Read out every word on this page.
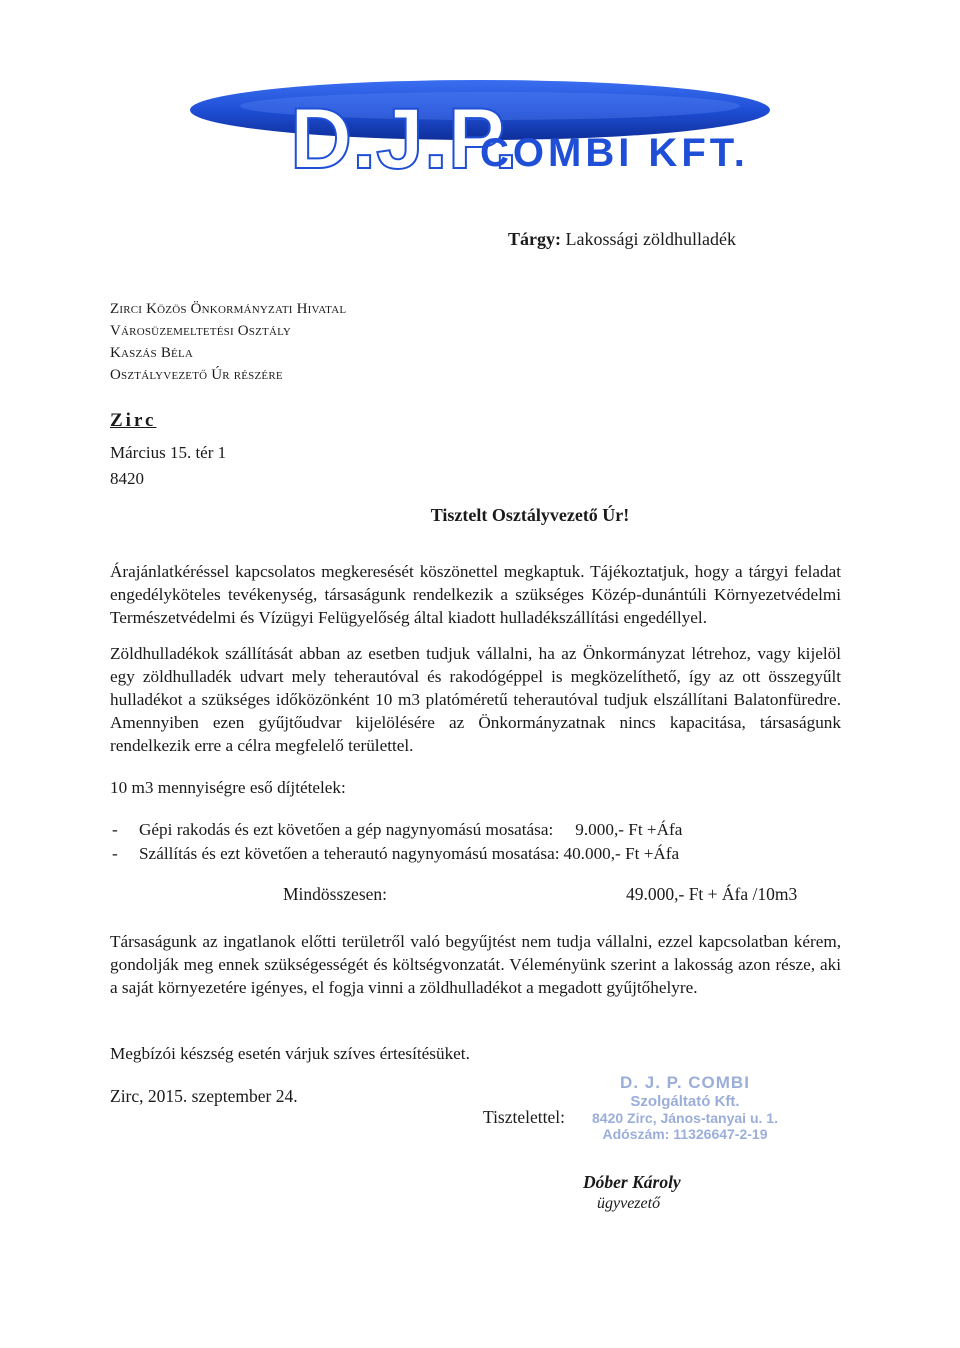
D.J.P.
COMBI KFT.
Tárgy: Lakossági zöldhulladék
Zirci Közös Önkormányzati Hivatal
Városüzemeltetési Osztály
Kaszás Béla
Osztályvezető Úr részére
Zirc
Március 15. tér 1
8420
Tisztelt Osztályvezető Úr!
Árajánlatkéréssel kapcsolatos megkeresését köszönettel megkaptuk. Tájékoztatjuk, hogy a tárgyi feladat engedélyköteles tevékenység, társaságunk rendelkezik a szükséges Közép-dunántúli Környezetvédelmi Természetvédelmi és Vízügyi Felügyelőség által kiadott hulladékszállítási engedéllyel.
Zöldhulladékok szállítását abban az esetben tudjuk vállalni, ha az Önkormányzat létrehoz, vagy kijelöl egy zöldhulladék udvart mely teherautóval és rakodógéppel is megközelíthető, így az ott összegyűlt hulladékot a szükséges időközönként 10 m3 platóméretű teherautóval tudjuk elszállítani Balatonfüredre. Amennyiben ezen gyűjtőudvar kijelölésére az Önkormányzatnak nincs kapacitása, társaságunk rendelkezik erre a célra megfelelő területtel.
10 m3 mennyiségre eső díjtételek:
-	Gépi rakodás és ezt követően a gép nagynyomású mosatása: 9.000,- Ft +Áfa
-	Szállítás és ezt követően a teherautó nagynyomású mosatása: 40.000,- Ft +Áfa
Mindösszesen:	49.000,- Ft + Áfa /10m3
Társaságunk az ingatlanok előtti területről való begyűjtést nem tudja vállalni, ezzel kapcsolatban kérem, gondolják meg ennek szükségességét és költségvonzatát. Véleményünk szerint a lakosság azon része, aki a saját környezetére igényes, el fogja vinni a zöldhulladékot a megadott gyűjtőhelyre.
Megbízói készség esetén várjuk szíves értesítésüket.
Zirc, 2015. szeptember 24.
Tisztelettel:
D. J. P. COMBI
Szolgáltató Kft.
8420 Zirc, János-tanyai u. 1.
Adószám: 11326647-2-19
Dóber Károly
ügyvezető
